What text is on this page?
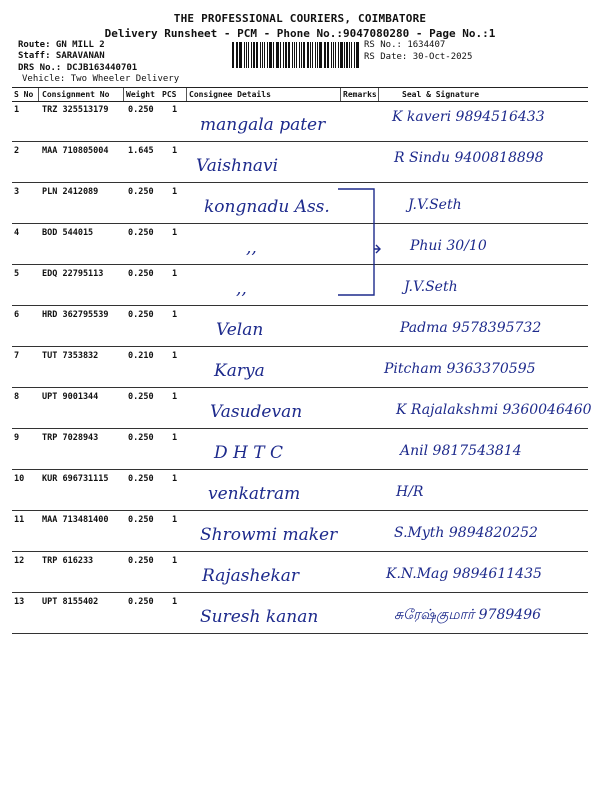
THE PROFESSIONAL COURIERS, COIMBATORE
Delivery Runsheet - PCM - Phone No.:9047080280 - Page No.:1
Route: GN MILL 2
Staff: SARAVANAN
DRS No.: DCJB163440701
Vehicle: Two Wheeler Delivery
RS No.: 1634407
RS Date: 30-Oct-2025
S No Consignment No Weight PCS Consignee Details	Remarks	Seal & Signature
1	TRZ 325513179 0.250 1
mangala pater	K kaveri 9894516433
2	MAA 710805004 1.645 1
Vaishnavi	R Sindu 9400818898
3	PLN 2412089	0.250 1
kongnadu Ass.	J.V.Seth
4	BOD 544015	0.250 1
,,	Phui 30/10
5	EDQ 22795113	0.250 1
,,	J.V.Seth
6	HRD 362795539 0.250 1
Velan	Padma 9578395732
7	TUT 7353832	0.210 1
Karya	Pitcham 9363370595
8	UPT 9001344	0.250 1
Vasudevan	K Rajalakshmi 9360046460
9	TRP 7028943	0.250 1
D H T C	Anil 9817543814
10 KUR 696731115 0.250 1
venkatram	H/R
11 MAA 713481400 0.250 1
Shrowmi maker	S.Myth 9894820252
12 TRP 616233	0.250 1
Rajashekar	K.N.Mag 9894611435
13 UPT 8155402	0.250 1
Suresh kanan	சுரேஷ்குமார் 9789496
